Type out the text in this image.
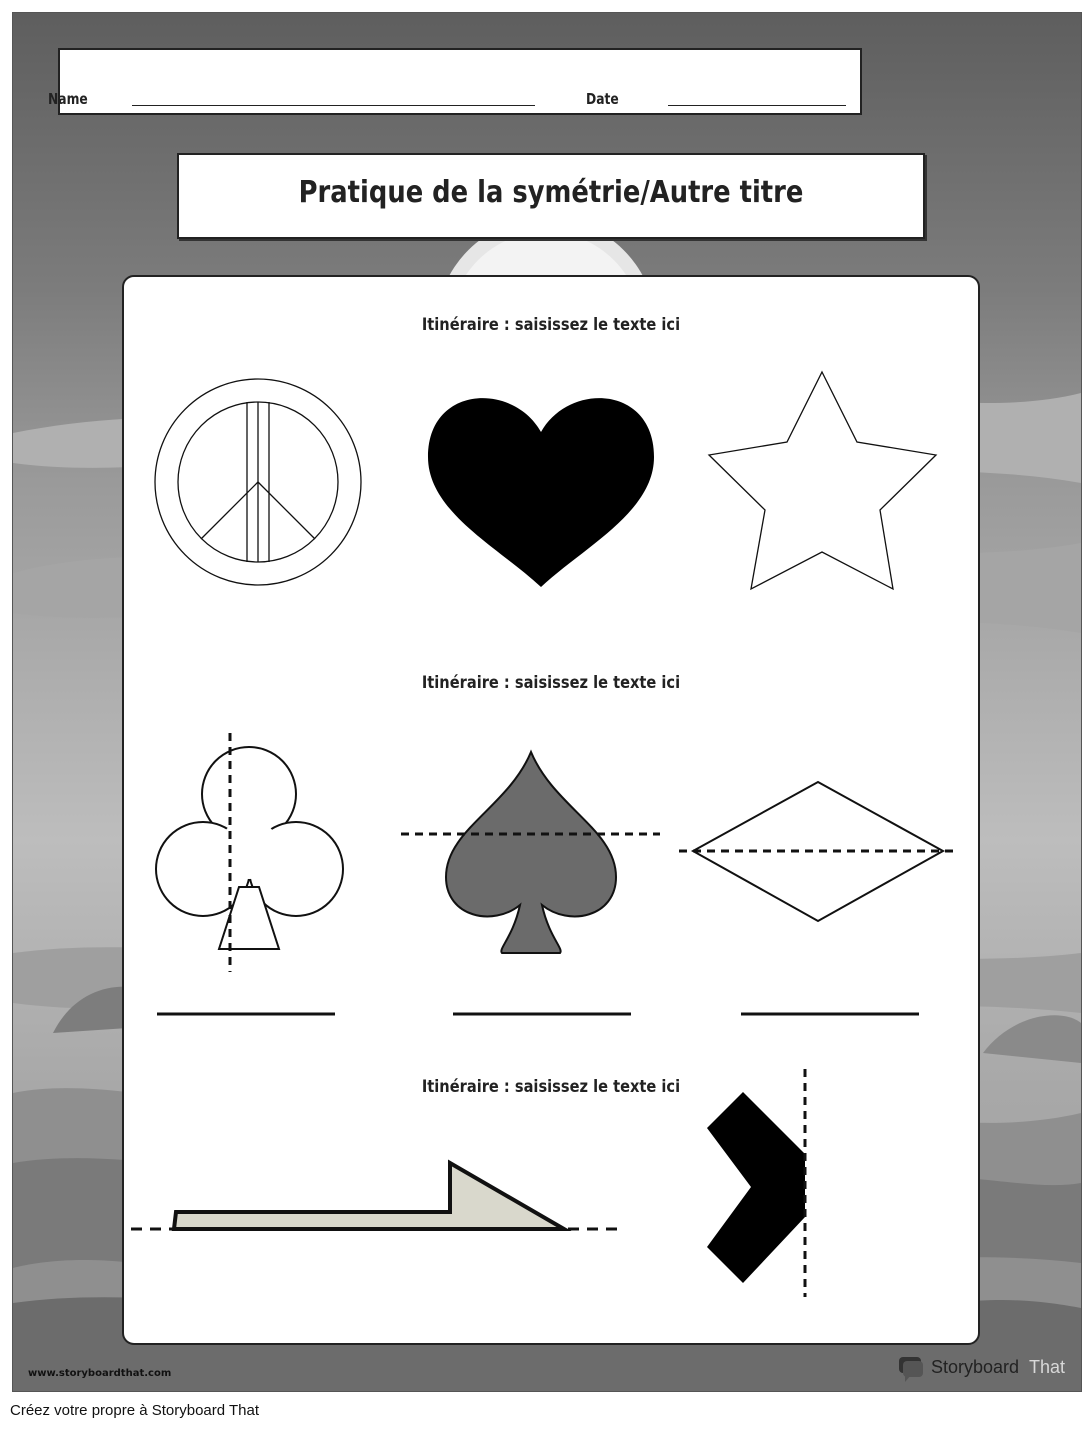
Name	Date
Pratique de la symétrie/Autre titre
Itinéraire : saisissez le texte ici
Itinéraire : saisissez le texte ici
Itinéraire : saisissez le texte ici
www.storyboardthat.com	Storyboard That
Créez votre propre à Storyboard That
